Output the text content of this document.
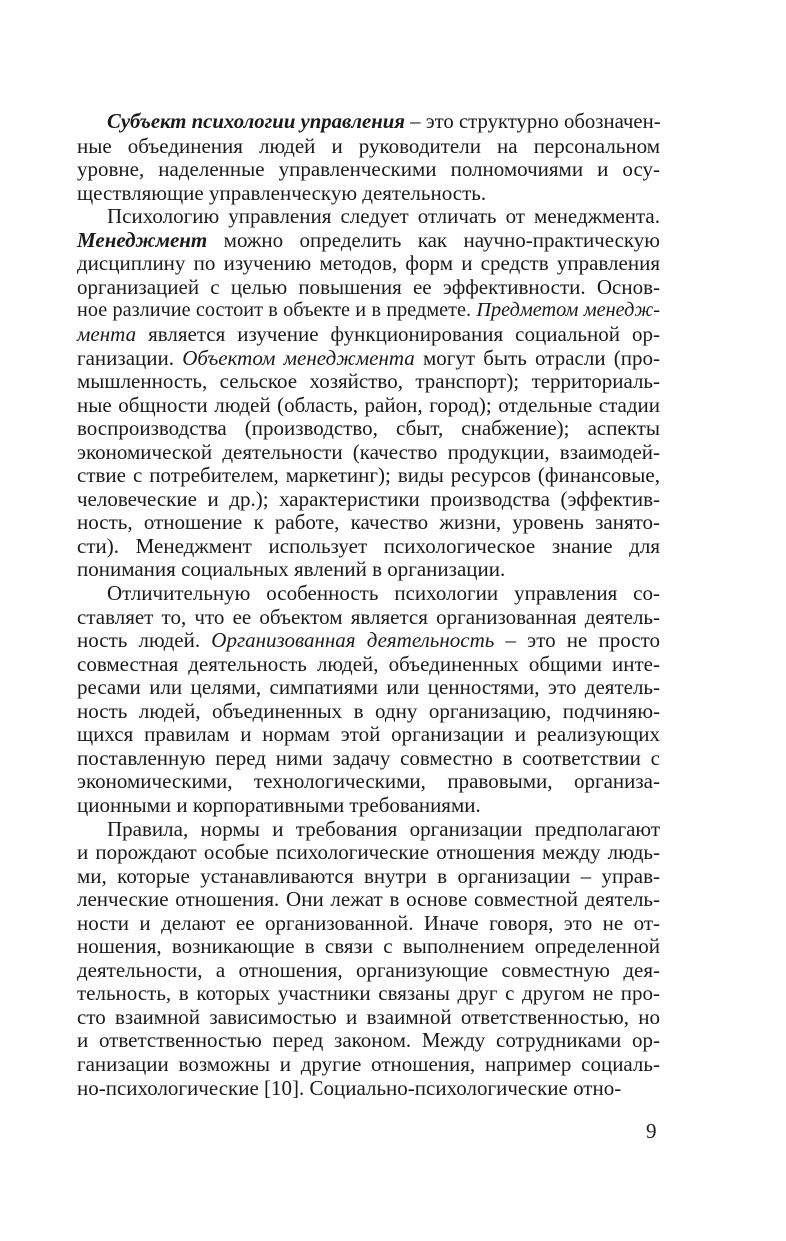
Субъект психологии управления – это структурно обозначен-
ные объединения людей и руководители на персональном
уровне, наделенные управленческими полномочиями и осу-
ществляющие управленческую деятельность.
Психологию управления следует отличать от менеджмента.
Менеджмент можно определить как научно-практическую
дисциплину по изучению методов, форм и средств управления
организацией с целью повышения ее эффективности. Основ-
ное различие состоит в объекте и в предмете. Предметом менедж-
мента является изучение функционирования социальной ор-
ганизации. Объектом менеджмента могут быть отрасли (про-
мышленность, сельское хозяйство, транспорт); территориаль-
ные общности людей (область, район, город); отдельные стадии
воспроизводства (производство, сбыт, снабжение); аспекты
экономической деятельности (качество продукции, взаимодей-
ствие с потребителем, маркетинг); виды ресурсов (финансовые,
человеческие и др.); характеристики производства (эффектив-
ность, отношение к работе, качество жизни, уровень занято-
сти). Менеджмент использует психологическое знание для
понимания социальных явлений в организации.
Отличительную особенность психологии управления со-
ставляет то, что ее объектом является организованная деятель-
ность людей. Организованная деятельность – это не просто
совместная деятельность людей, объединенных общими инте-
ресами или целями, симпатиями или ценностями, это деятель-
ность людей, объединенных в одну организацию, подчиняю-
щихся правилам и нормам этой организации и реализующих
поставленную перед ними задачу совместно в соответствии с
экономическими, технологическими, правовыми, организа-
ционными и корпоративными требованиями.
Правила, нормы и требования организации предполагают
и порождают особые психологические отношения между людь-
ми, которые устанавливаются внутри в организации – управ-
ленческие отношения. Они лежат в основе совместной деятель-
ности и делают ее организованной. Иначе говоря, это не от-
ношения, возникающие в связи с выполнением определенной
деятельности, а отношения, организующие совместную дея-
тельность, в которых участники связаны друг с другом не про-
сто взаимной зависимостью и взаимной ответственностью, но
и ответственностью перед законом. Между сотрудниками ор-
ганизации возможны и другие отношения, например социаль-
но-психологические [10]. Социально-психологические отно-
9
